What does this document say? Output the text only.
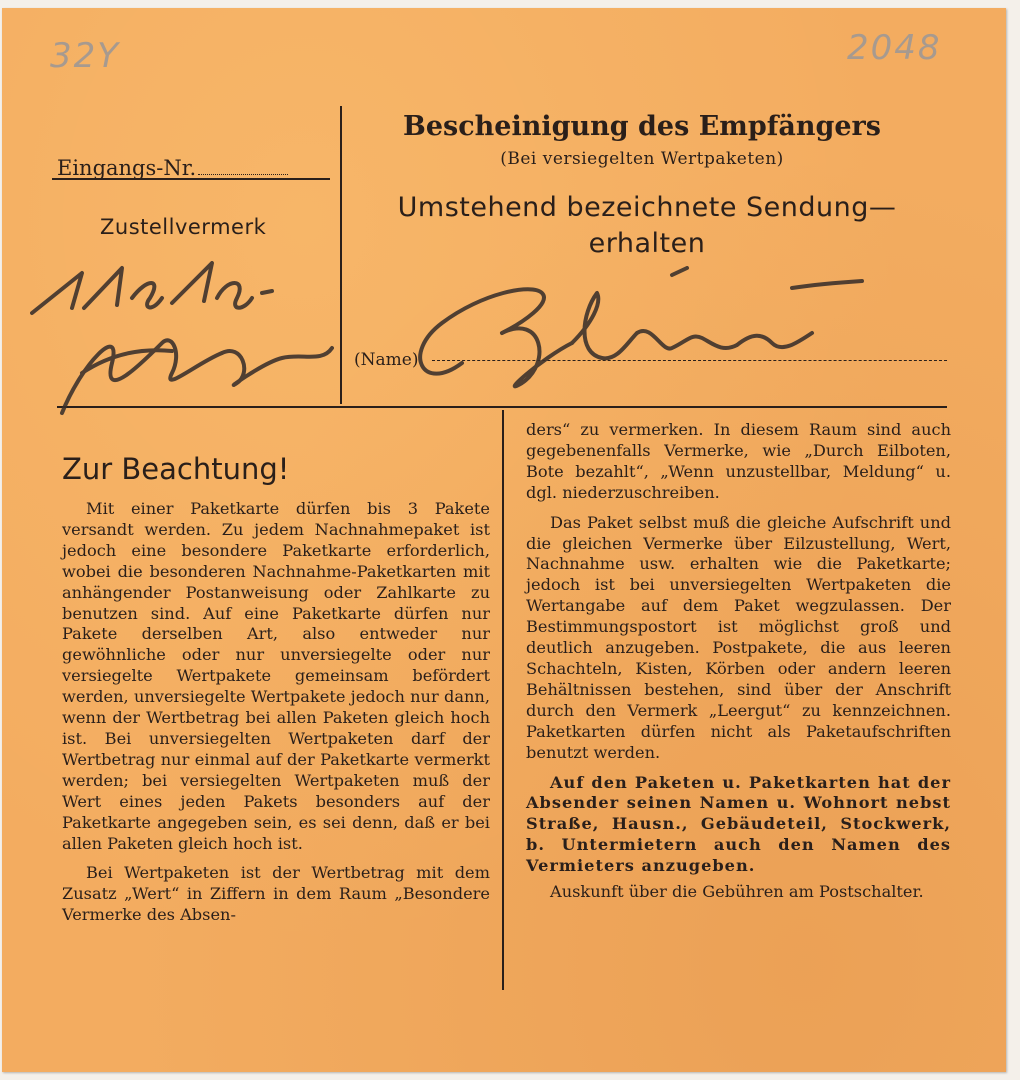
32Y	2048
Eingangs-Nr.
Zustellvermerk
Bescheinigung des Empfängers
(Bei versiegelten Wertpaketen)
Umstehend bezeichnete Sendung—
erhalten
(Name)
Zur Beachtung!

Mit einer Paketkarte dürfen bis 3 Pakete versandt werden. Zu jedem Nachnahmepaket ist jedoch eine besondere Paketkarte erforderlich, wobei die besonderen Nachnahme-Paketkarten mit anhängender Postanweisung oder Zahlkarte zu benutzen sind. Auf eine Paketkarte dürfen nur Pakete derselben Art, also entweder nur gewöhnliche oder nur unversiegelte oder nur versiegelte Wertpakete gemeinsam befördert werden, unversiegelte Wertpakete jedoch nur dann, wenn der Wertbetrag bei allen Paketen gleich hoch ist. Bei unversiegelten Wertpaketen darf der Wertbetrag nur einmal auf der Paketkarte vermerkt werden; bei versiegelten Wertpaketen muß der Wert eines jeden Pakets besonders auf der Paketkarte angegeben sein, es sei denn, daß er bei allen Paketen gleich hoch ist.

Bei Wertpaketen ist der Wertbetrag mit dem Zusatz „Wert“ in Ziffern in dem Raum „Besondere Vermerke des Absen-

ders“ zu vermerken. In diesem Raum sind auch gegebenenfalls Vermerke, wie „Durch Eilboten, Bote bezahlt“, „Wenn unzustellbar, Meldung“ u. dgl. niederzuschreiben.

Das Paket selbst muß die gleiche Aufschrift und die gleichen Vermerke über Eilzustellung, Wert, Nachnahme usw. erhalten wie die Paketkarte; jedoch ist bei unversiegelten Wertpaketen die Wertangabe auf dem Paket wegzulassen. Der Bestimmungspostort ist möglichst groß und deutlich anzugeben. Postpakete, die aus leeren Schachteln, Kisten, Körben oder andern leeren Behältnissen bestehen, sind über der Anschrift durch den Vermerk „Leergut“ zu kennzeichnen. Paketkarten dürfen nicht als Paketaufschriften benutzt werden.

Auf den Paketen u. Paketkarten hat der Absender seinen Namen u. Wohnort nebst Straße, Hausn., Gebäudeteil, Stockwerk, b. Untermietern auch den Namen des Vermieters anzugeben.

Auskunft über die Gebühren am Postschalter.
